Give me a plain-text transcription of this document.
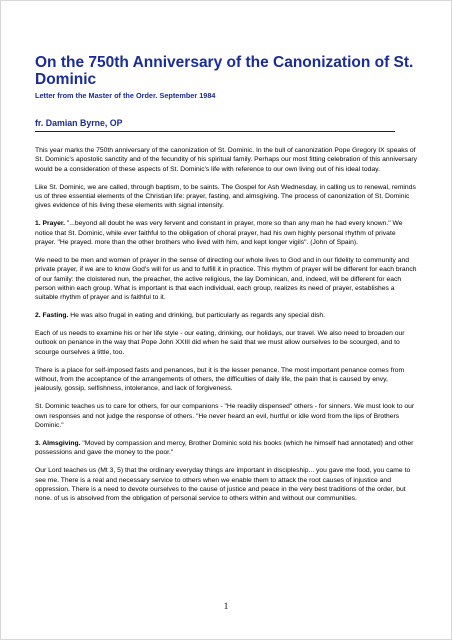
On the 750th Anniversary of the Canonization of St. Dominic
Letter from the Master of the Order. September 1984
fr. Damian Byrne, OP

This year marks the 750th anniversary of the canonization of St. Dominic. In the bull of canonization Pope Gregory IX speaks of St. Dominic's apostolic sanctity and of the fecundity of his spiritual family. Perhaps our most fitting celebration of this anniversary would be a consideration of these aspects of St. Dominic's life with reference to our own living out of his ideal today.

Like St. Dominic, we are called, through baptism, to be saints. The Gospel for Ash Wednesday, in calling us to renewal, reminds us of three essential elements of the Christian life: prayer, fasting, and almsgiving. The process of canonization of St. Dominic gives evidence of his living these elements with signal intensity.

1. Prayer. "...beyond all doubt he was very fervent and constant in prayer, more so than any man he had every known." We notice that St. Dominic, while ever faithful to the obligation of choral prayer, had his own highly personal rhythm of private prayer. "He prayed. more than the other brothers who lived with him, and kept longer vigils". (John of Spain).

We need to be men and women of prayer in the sense of directing our whole lives to God and in our fidelity to community and private prayer, if we are to know God's will for us and to fulfill it in practice. This rhythm of prayer will be different for each branch of our family: the cloistered nun, the preacher, the active religious, the lay Dominican, and, indeed, will be different for each person within each group. What is important is that each individual, each group, realizes its need of prayer, establishes a suitable rhythm of prayer and is faithful to it.

2. Fasting. He was also frugal in eating and drinking, but particularly as regards any special dish.

Each of us needs to examine his or her life style - our eating, drinking, our holidays, our travel. We also need to broaden our outlook on penance in the way that Pope John XXIII did when he said that we must allow ourselves to be scourged, and to scourge ourselves a little, too.

There is a place for self-imposed fasts and penances, but it is the lesser penance. The most important penance comes from without, from the acceptance of the arrangements of others, the difficulties of daily life, the pain that is caused by envy, jealously, gossip, selfishness, intolerance, and lack of forgiveness.

St. Dominic teaches us to care for others, for our companions - "He readily dispensed" others - for sinners. We must look to our own responses and not judge the response of others. "He never heard an evil, hurtful or idle word from the lips of Brothers Dominic."

3. Almsgiving. "Moved by compassion and mercy, Brother Dominic sold his books (which he himself had annotated) and other possessions and gave the money to the poor."

Our Lord teaches us (Mt 3, 5) that the ordinary everyday things are important in discipleship... you gave me food, you came to see me. There is a real and necessary service to others when we enable them to attack the root causes of injustice and oppression. There is a need to devote ourselves to the cause of justice and peace in the very best traditions of the order, but none. of us is absolved from the obligation of personal service to others within and without our communities.

1
